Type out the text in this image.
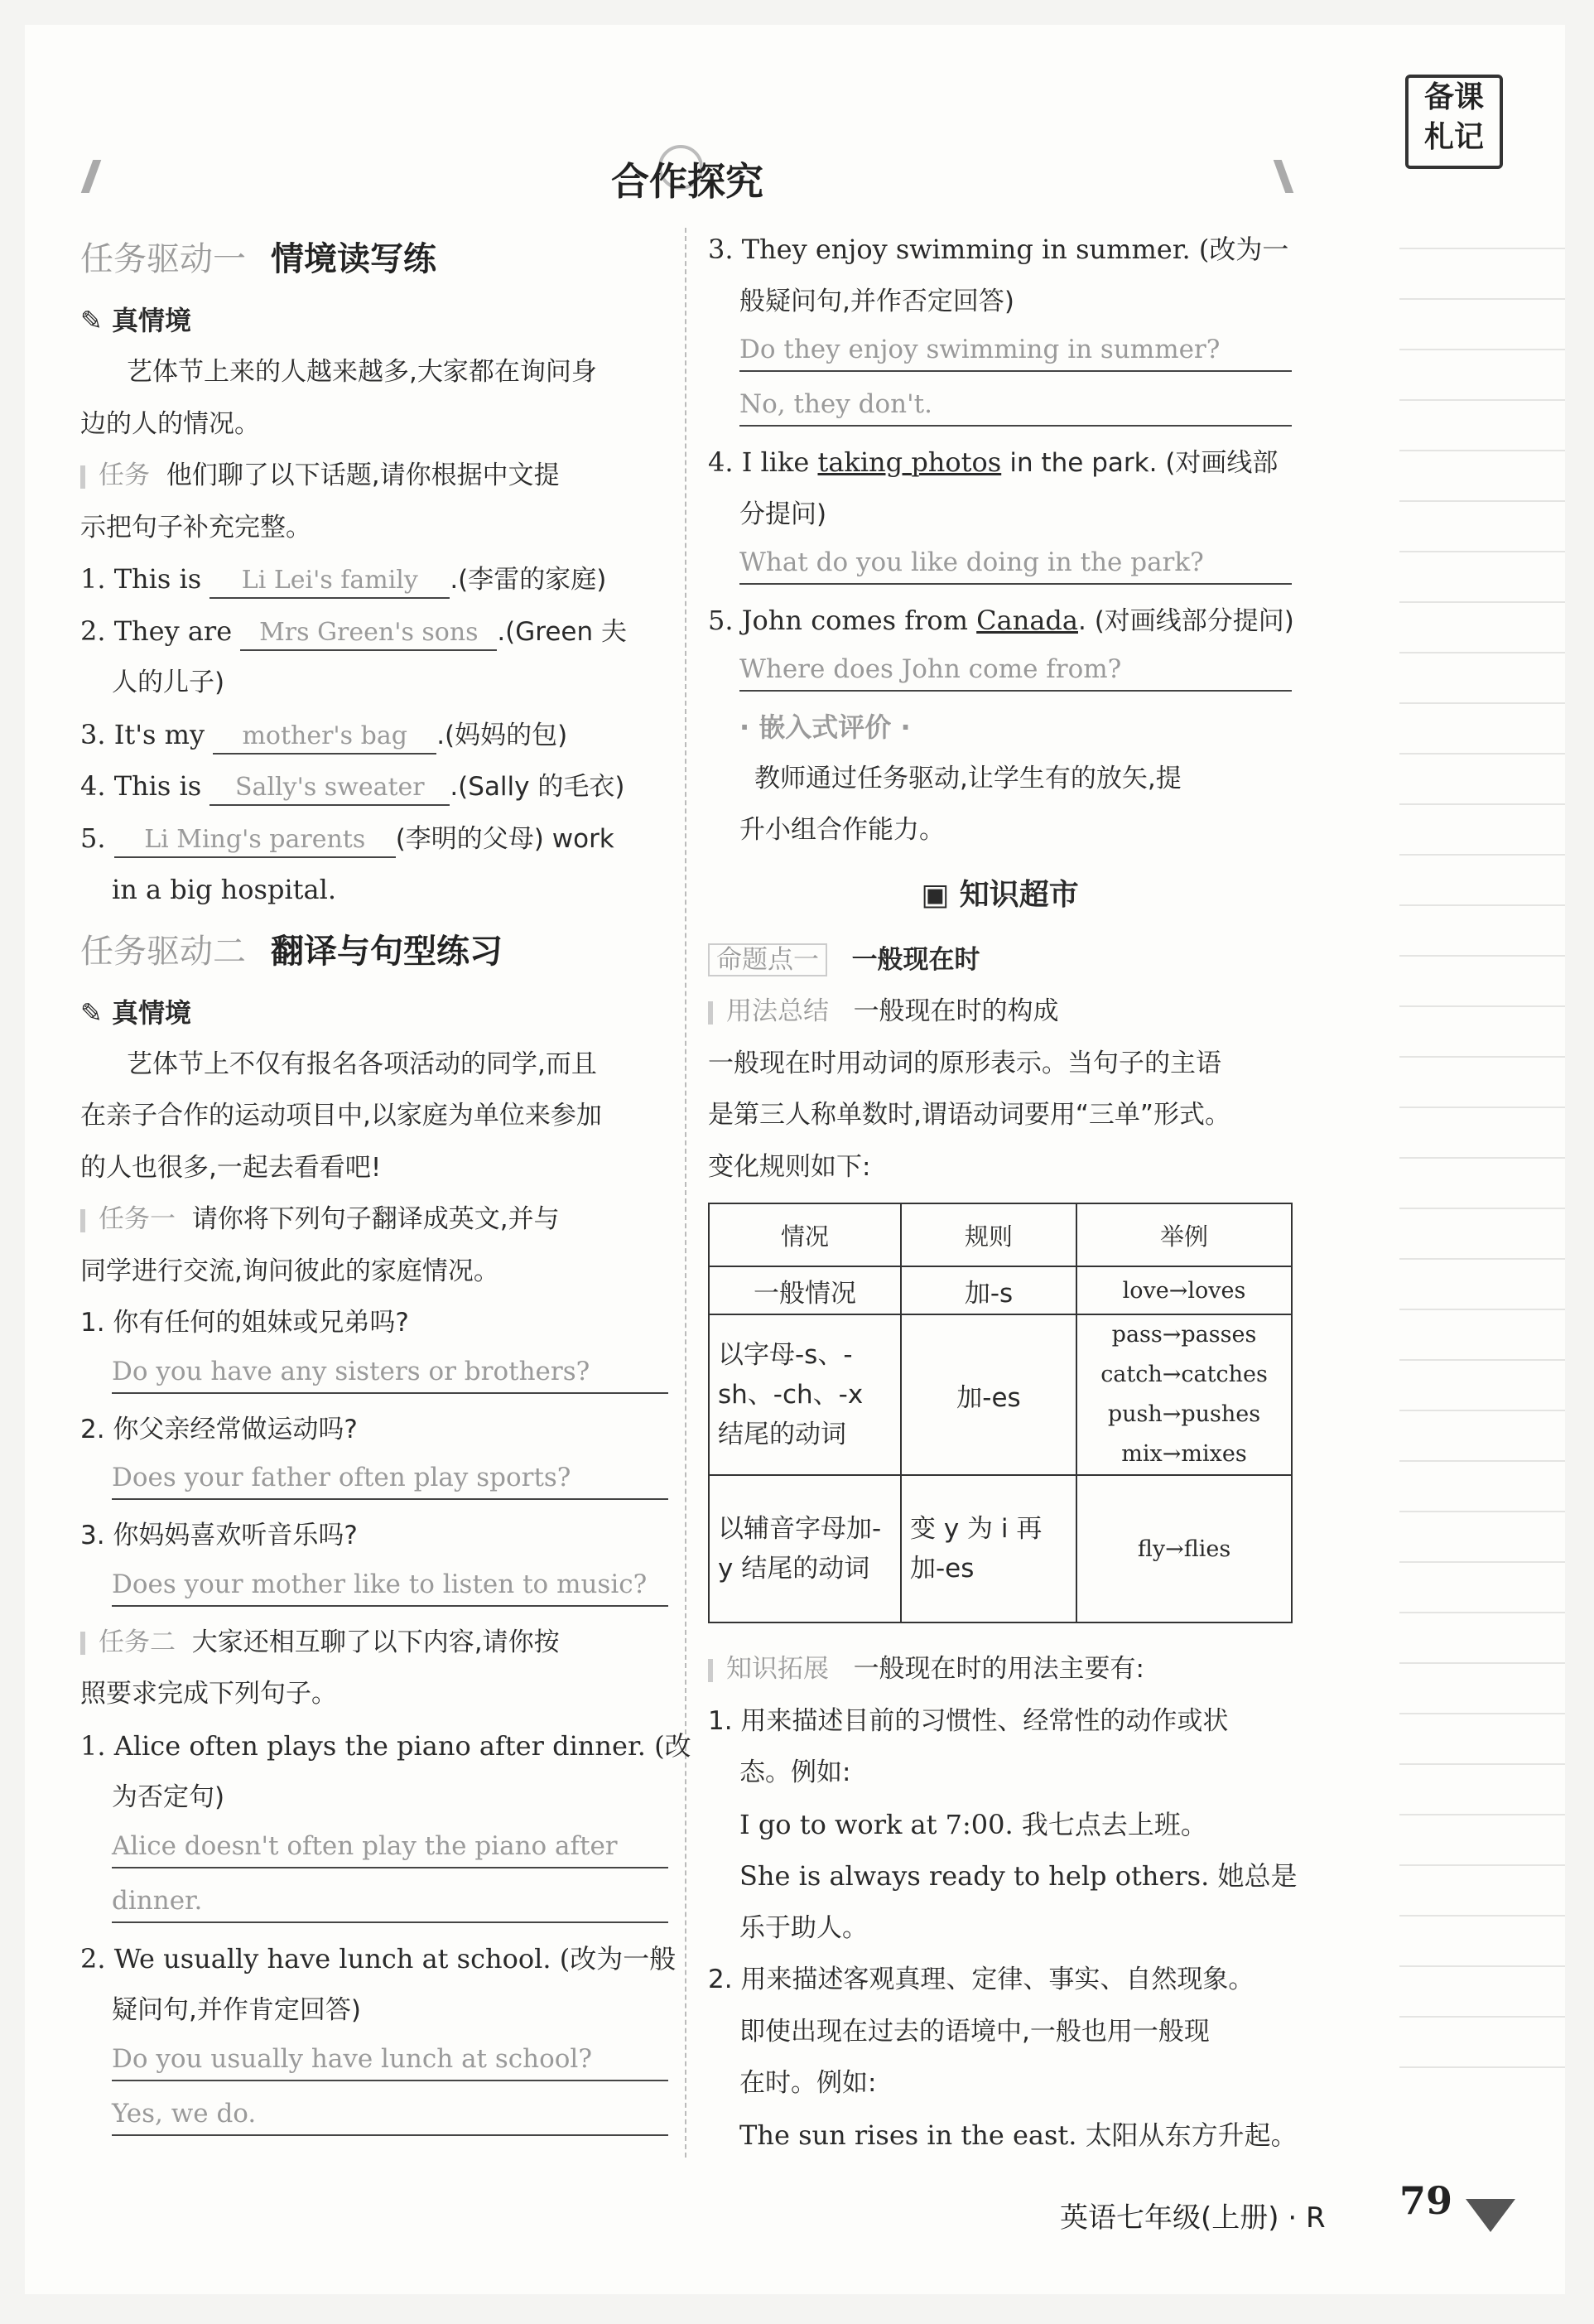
备课
札记
合作探究
任务驱动一 情境读写练
✎ 真情境
艺体节上来的人越来越多,大家都在询问身
边的人的情况。
任务 他们聊了以下话题,请你根据中文提
示把句子补充完整。
1. This is Li Lei's family .(李雷的家庭)
2. They are Mrs Green's sons .(Green 夫
人的儿子)
3. It's my mother's bag .(妈妈的包)
4. This is Sally's sweater .(Sally 的毛衣)
5. Li Ming's parents (李明的父母) work
in a big hospital.
任务驱动二 翻译与句型练习
✎ 真情境
艺体节上不仅有报名各项活动的同学,而且
在亲子合作的运动项目中,以家庭为单位来参加
的人也很多,一起去看看吧!
任务一 请你将下列句子翻译成英文,并与
同学进行交流,询问彼此的家庭情况。
1. 你有任何的姐妹或兄弟吗?
Do you have any sisters or brothers?
2. 你父亲经常做运动吗?
Does your father often play sports?
3. 你妈妈喜欢听音乐吗?
Does your mother like to listen to music?
任务二 大家还相互聊了以下内容,请你按
照要求完成下列句子。
1. Alice often plays the piano after dinner. (改
为否定句)
Alice doesn't often play the piano after
dinner.
2. We usually have lunch at school. (改为一般
疑问句,并作肯定回答)
Do you usually have lunch at school?
Yes, we do.
3. They enjoy swimming in summer. (改为一
般疑问句,并作否定回答)
Do they enjoy swimming in summer?
No, they don't.
4. I like taking photos in the park. (对画线部
分提问)
What do you like doing in the park?
5. John comes from Canada. (对画线部分提问)
Where does John come from?
· 嵌入式评价 ·
教师通过任务驱动,让学生有的放矢,提
升小组合作能力。
▣ 知识超市
命题点一 一般现在时
用法总结 一般现在时的构成
一般现在时用动词的原形表示。当句子的主语
是第三人称单数时,谓语动词要用“三单”形式。
变化规则如下:
情况	规则	举例
一般情况	加-s	love→loves
以字母-s、-sh、-ch、-x 结尾的动词	加-es	pass→passes
catch→catches
push→pushes
mix→mixes

以辅音字母加-y 结尾的动词	变 y 为 i 再加-es	fly→flies
知识拓展 一般现在时的用法主要有:
1. 用来描述目前的习惯性、经常性的动作或状
态。例如:
I go to work at 7:00. 我七点去上班。
She is always ready to help others. 她总是
乐于助人。
2. 用来描述客观真理、定律、事实、自然现象。
即使出现在过去的语境中,一般也用一般现
在时。例如:
The sun rises in the east. 太阳从东方升起。
英语七年级(上册) · R 79
